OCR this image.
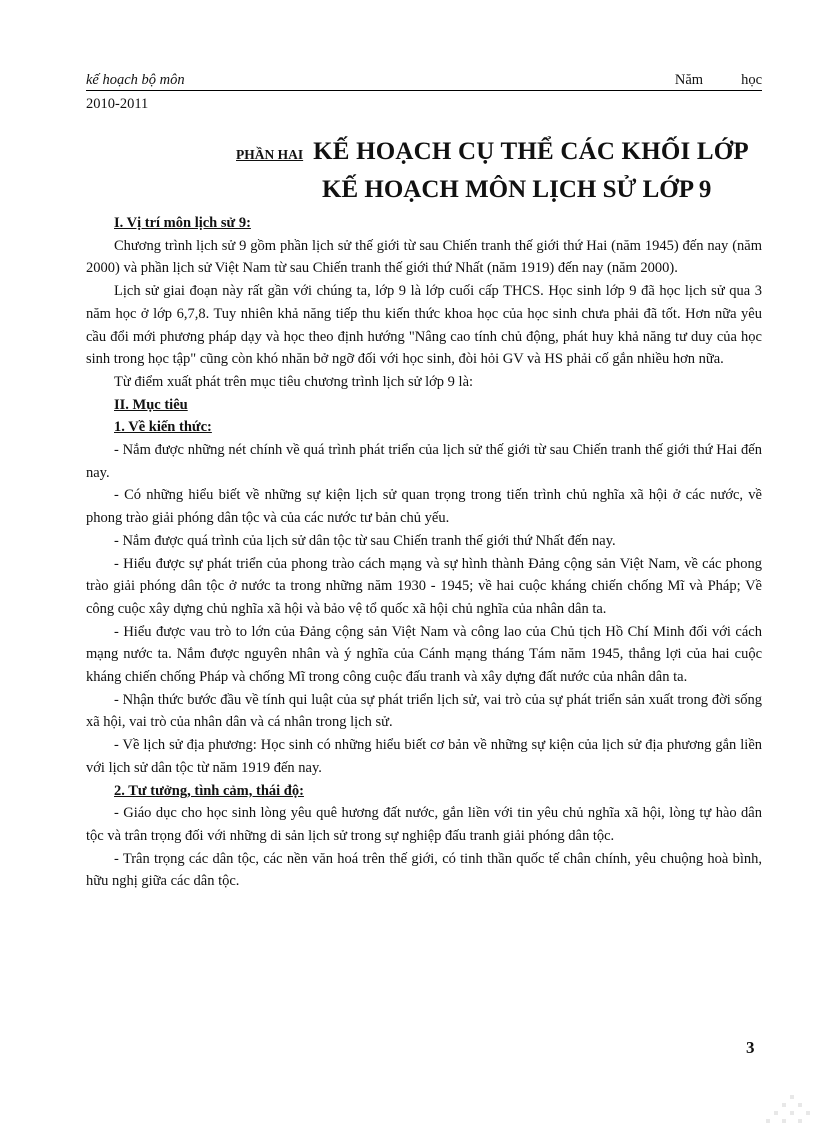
kế hoạch bộ môn	Năm	học
2010-2011
PHẦN HAI KẾ HOẠCH CỤ THỂ CÁC KHỐI LỚP
KẾ HOẠCH MÔN LỊCH SỬ LỚP 9

I. Vị trí môn lịch sử 9:

Chương trình lịch sử 9 gồm phần lịch sử thế giới từ sau Chiến tranh thế giới thứ Hai (năm 1945) đến nay (năm 2000) và phần lịch sử Việt Nam từ sau Chiến tranh thế giới thứ Nhất (năm 1919) đến nay (năm 2000).

Lịch sử giai đoạn này rất gần với chúng ta, lớp 9 là lớp cuối cấp THCS. Học sinh lớp 9 đã học lịch sử qua 3 năm học ở lớp 6,7,8. Tuy nhiên khả năng tiếp thu kiến thức khoa học của học sinh chưa phải đã tốt. Hơn nữa yêu cầu đổi mới phương pháp dạy và học theo định hướng "Nâng cao tính chủ động, phát huy khả năng tư duy của học sinh trong học tập" cũng còn khó nhăn bở ngỡ đối với học sinh, đòi hỏi GV và HS phải cố gắn nhiều hơn nữa.

Từ điểm xuất phát trên mục tiêu chương trình lịch sử lớp 9 là:

II. Mục tiêu

1. Về kiến thức:

- Nắm được những nét chính về quá trình phát triển của lịch sử thế giới từ sau Chiến tranh thế giới thứ Hai đến nay.

- Có những hiểu biết về những sự kiện lịch sử quan trọng trong tiến trình chủ nghĩa xã hội ở các nước, về phong trào giải phóng dân tộc và của các nước tư bản chủ yếu.

- Nắm được quá trình của lịch sử dân tộc từ sau Chiến tranh thế giới thứ Nhất đến nay.

- Hiểu được sự phát triển của phong trào cách mạng và sự hình thành Đảng cộng sản Việt Nam, về các phong trào giải phóng dân tộc ở nước ta trong những năm 1930 - 1945; về hai cuộc kháng chiến chống Mĩ và Pháp; Về công cuộc xây dựng chủ nghĩa xã hội và bảo vệ tổ quốc xã hội chủ nghĩa của nhân dân ta.

- Hiểu được vau trò to lớn của Đảng cộng sản Việt Nam và công lao của Chủ tịch Hồ Chí Minh đối với cách mạng nước ta. Nắm được nguyên nhân và ý nghĩa của Cánh mạng tháng Tám năm 1945, thắng lợi của hai cuộc kháng chiến chống Pháp và chống Mĩ trong công cuộc đấu tranh và xây dựng đất nước của nhân dân ta.

- Nhận thức bước đầu về tính qui luật của sự phát triển lịch sử, vai trò của sự phát triển sản xuất trong đời sống xã hội, vai trò của nhân dân và cá nhân trong lịch sử.

- Về lịch sử địa phương: Học sinh có những hiểu biết cơ bản về những sự kiện của lịch sử địa phương gắn liền với lịch sử dân tộc từ năm 1919 đến nay.

2. Tư tưởng, tình cảm, thái độ:

- Giáo dục cho học sinh lòng yêu quê hương đất nước, gắn liền với tin yêu chủ nghĩa xã hội, lòng tự hào dân tộc và trân trọng đối với những di sản lịch sử trong sự nghiệp đấu tranh giải phóng dân tộc.

- Trân trọng các dân tộc, các nền văn hoá trên thế giới, có tinh thần quốc tế chân chính, yêu chuộng hoà bình, hữu nghị giữa các dân tộc.

3
